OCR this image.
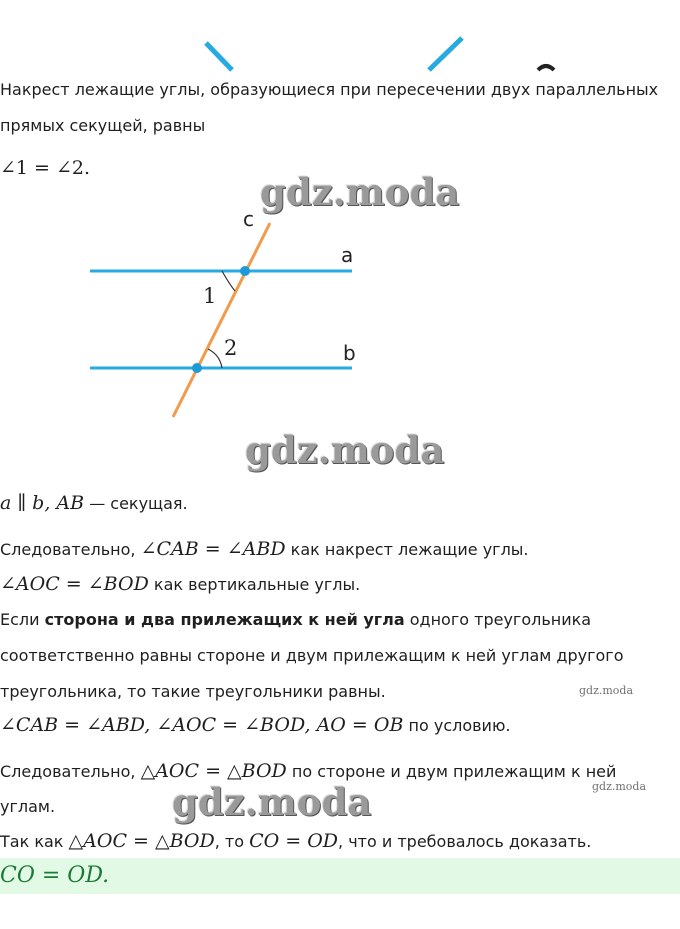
Накрест лежащие углы, образующиеся при пересечении двух параллельных
прямых секущей, равны
∠1 = ∠2.
gdz.moda
c
a
b
1
2
gdz.moda
a ∥ b, AB — секущая.
Следовательно, ∠CAB = ∠ABD как накрест лежащие углы.
∠AOC = ∠BOD как вертикальные углы.
Если сторона и два прилежащих к ней угла одного треугольника
соответственно равны стороне и двум прилежащим к ней углам другого
треугольника, то такие треугольники равны.	gdz.moda
∠CAB = ∠ABD, ∠AOC = ∠BOD, AO = OB по условию.
Следовательно, △AOC = △BOD по стороне и двум прилежащим к ней
углам.
gdz.moda
gdz.moda
Так как △AOC = △BOD, то CO = OD, что и требовалось доказать.
CO = OD.
